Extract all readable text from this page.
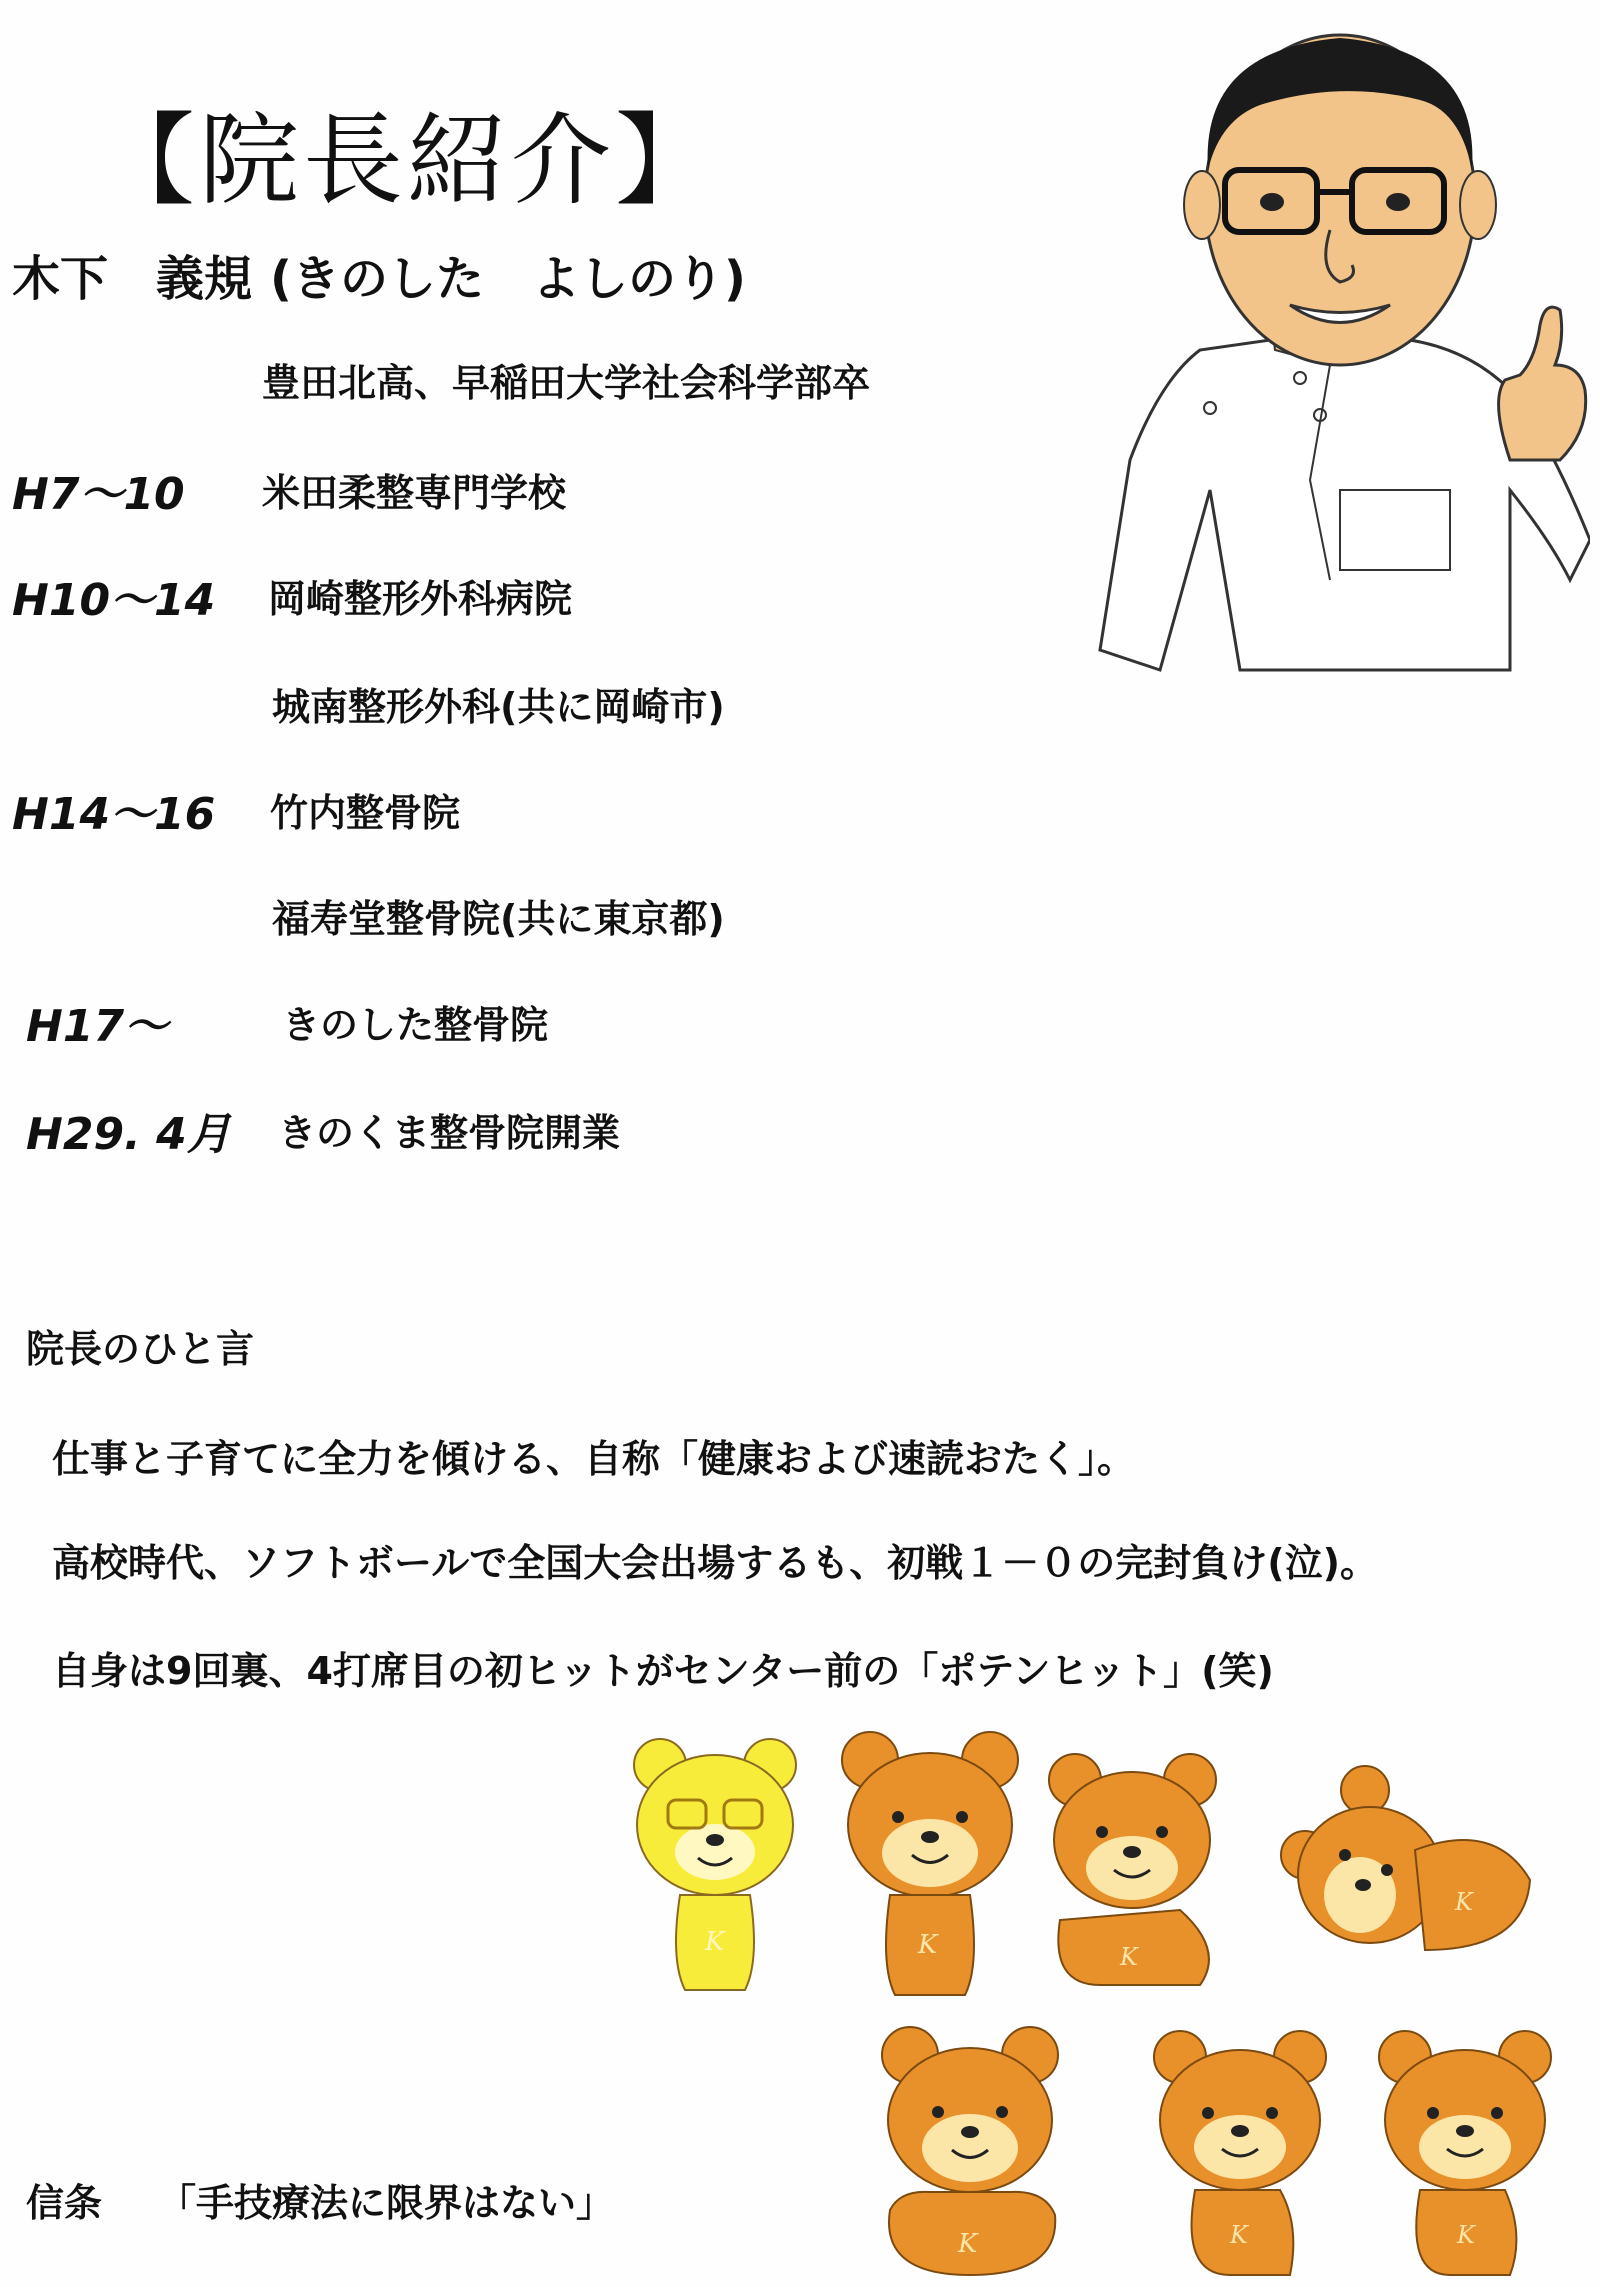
【院長紹介】
木下　義規 (きのした　よしのり)
豊田北高、早稲田大学社会科学部卒
H7～10 米田柔整専門学校
H10～14 岡崎整形外科病院
城南整形外科(共に岡崎市)
H14～16 竹内整骨院
福寿堂整骨院(共に東京都)
H17～	きのした整骨院
H29. 4月 きのくま整骨院開業
院長のひと言
仕事と子育てに全力を傾ける、自称「健康および速読おたく」。
高校時代、ソフトボールで全国大会出場するも、初戦１－０の完封負け(泣)。
自身は9回裏、4打席目の初ヒットがセンター前の「ポテンヒット」(笑)
信条 「手技療法に限界はない」
K	K	K
K
K	K	K
